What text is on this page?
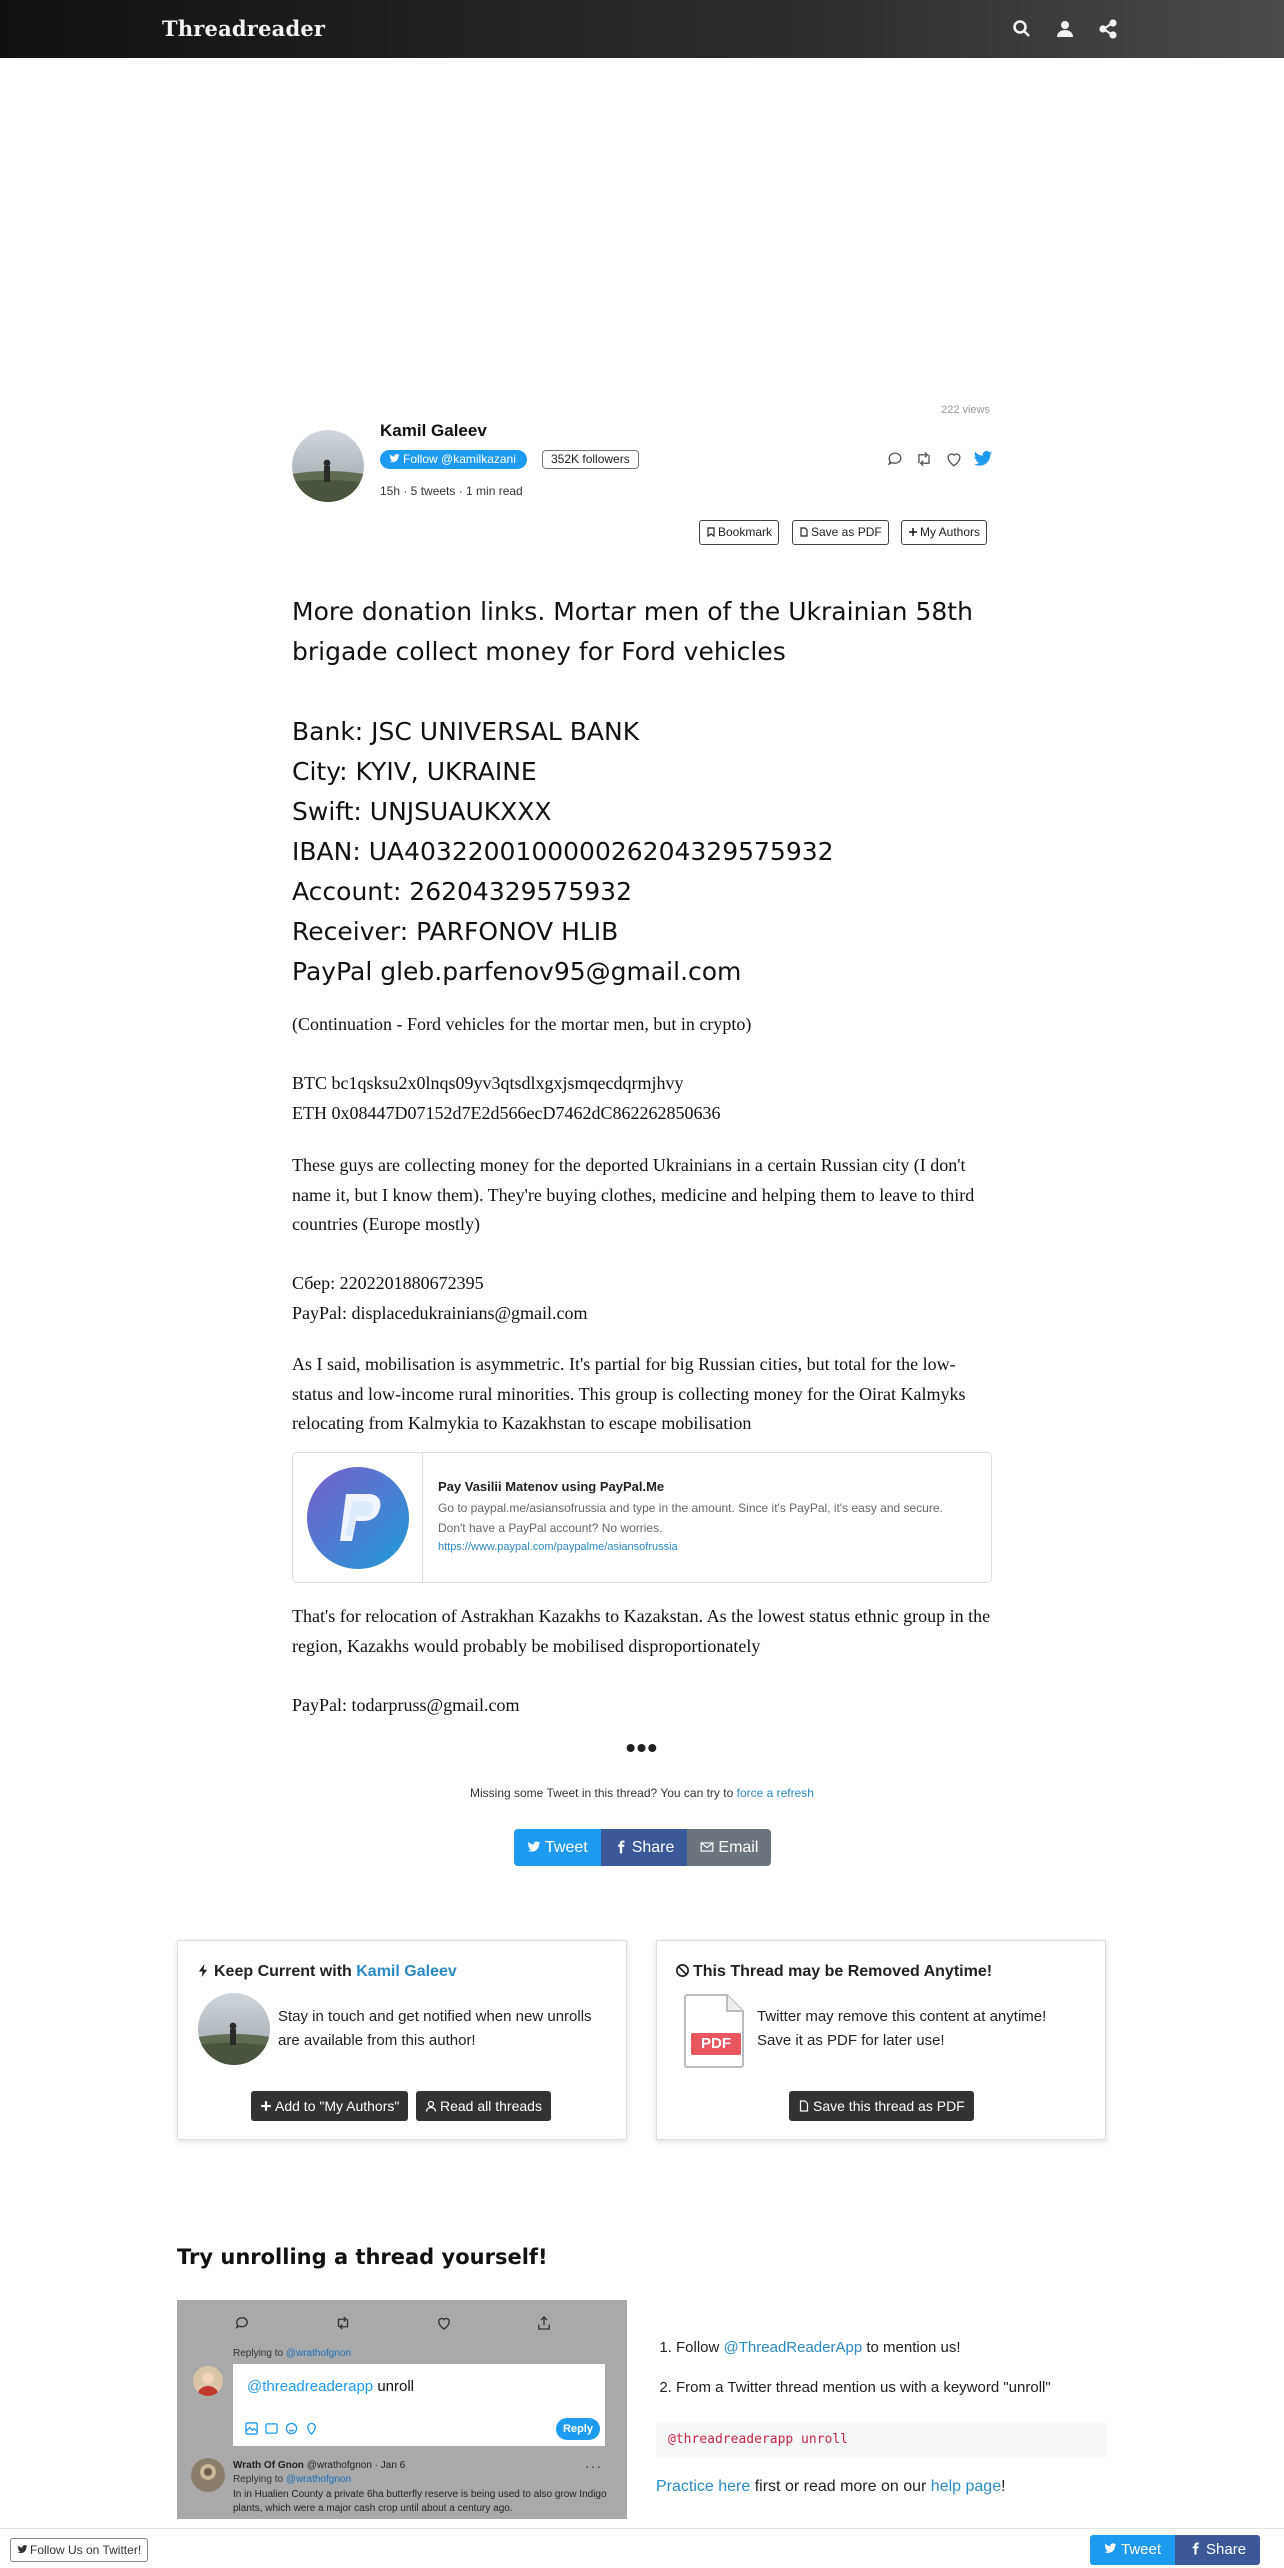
Threadreader
222 views
Kamil Galeev
Follow @kamilkazani	352K followers
15h · 5 tweets · 1 min read

Bookmark	Save as PDF	My Authors

More donation links. Mortar men of the Ukrainian 58th brigade collect money for Ford vehicles

Bank: JSC UNIVERSAL BANK

City: KYIV, UKRAINE

Swift: UNJSUAUKXXX

IBAN: UA403220010000026204329575932

Account: 26204329575932

Receiver: PARFONOV HLIB

PayPal gleb.parfenov95@gmail.com

(Continuation - Ford vehicles for the mortar men, but in crypto)

BTC bc1qsksu2x0lnqs09yv3qtsdlxgxjsmqecdqrmjhvy

ETH 0x08447D07152d7E2d566ecD7462dC862262850636

These guys are collecting money for the deported Ukrainians in a certain Russian city (I don't name it, but I know them). They're buying clothes, medicine and helping them to leave to third countries (Europe mostly)

Сбер: 2202201880672395

PayPal: displacedukrainians@gmail.com

As I said, mobilisation is asymmetric. It's partial for big Russian cities, but total for the low-status and low-income rural minorities. This group is collecting money for the Oirat Kalmyks relocating from Kalmykia to Kazakhstan to escape mobilisation

Pay Vasilii Matenov using PayPal.Me
Go to paypal.me/asiansofrussia and type in the amount. Since it's PayPal, it's easy and secure. Don't have a PayPal account? No worries.
https://www.paypal.com/paypalme/asiansofrussia

That's for relocation of Astrakhan Kazakhs to Kazakstan. As the lowest status ethnic group in the region, Kazakhs would probably be mobilised disproportionately

PayPal: todarpruss@gmail.com

•••
Missing some Tweet in this thread? You can try to force a refresh
Tweet	Share	Email
Keep Current with Kamil Galeev
Stay in touch and get notified when new unrolls are available from this author!
Add to "My Authors"	Read all threads
This Thread may be Removed Anytime!
PDF
Twitter may remove this content at anytime! Save it as PDF for later use!
Save this thread as PDF
Try unrolling a thread yourself!
Replying to @wrathofgnon
@threadreaderapp unroll
Reply
Wrath Of Gnon @wrathofgnon · Jan 6
Replying to @wrathofgnon
In in Hualien County a private 6ha butterfly reserve is being used to also grow Indigo plants, which were a major cash crop until about a century ago.
···
1. Follow @ThreadReaderApp to mention us!
2. From a Twitter thread mention us with a keyword "unroll"
@threadreaderapp unroll
Practice here first or read more on our help page!
Follow Us on Twitter!	Tweet	Share
